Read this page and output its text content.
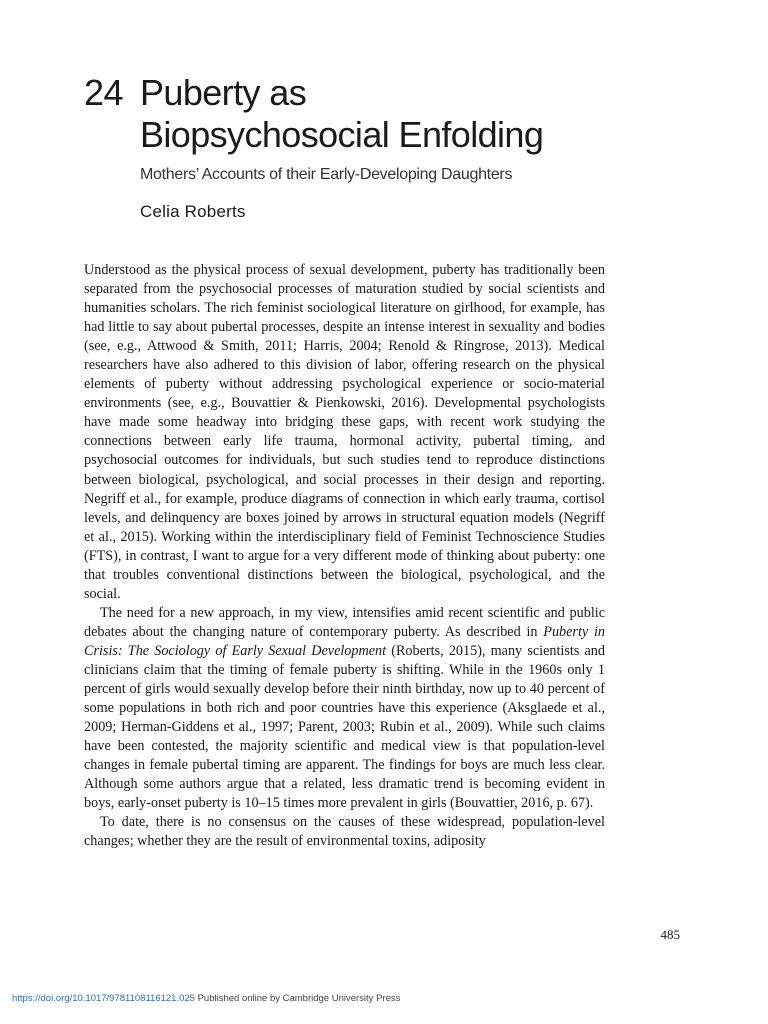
24 Puberty as Biopsychosocial Enfolding
Mothers’ Accounts of their Early-Developing Daughters
Celia Roberts

Understood as the physical process of sexual development, puberty has traditionally been separated from the psychosocial processes of maturation studied by social scientists and humanities scholars. The rich feminist sociological literature on girlhood, for example, has had little to say about pubertal processes, despite an intense interest in sexuality and bodies (see, e.g., Attwood & Smith, 2011; Harris, 2004; Renold & Ringrose, 2013). Medical researchers have also adhered to this division of labor, offering research on the physical elements of puberty without addressing psychological experience or socio-material environments (see, e.g., Bouvattier & Pienkowski, 2016). Developmental psychologists have made some headway into bridging these gaps, with recent work studying the connections between early life trauma, hormonal activity, pubertal timing, and psychosocial outcomes for individuals, but such studies tend to reproduce distinctions between biological, psychological, and social processes in their design and reporting. Negriff et al., for example, produce diagrams of connection in which early trauma, cortisol levels, and delinquency are boxes joined by arrows in structural equation models (Negriff et al., 2015). Working within the interdisciplinary field of Feminist Technoscience Studies (FTS), in contrast, I want to argue for a very different mode of thinking about puberty: one that troubles conventional distinctions between the biological, psychological, and the social.

The need for a new approach, in my view, intensifies amid recent scientific and public debates about the changing nature of contemporary puberty. As described in Puberty in Crisis: The Sociology of Early Sexual Development (Roberts, 2015), many scientists and clinicians claim that the timing of female puberty is shifting. While in the 1960s only 1 percent of girls would sexually develop before their ninth birthday, now up to 40 percent of some populations in both rich and poor countries have this experience (Aksglaede et al., 2009; Herman-Giddens et al., 1997; Parent, 2003; Rubin et al., 2009). While such claims have been contested, the majority scientific and medical view is that population-level changes in female pubertal timing are apparent. The findings for boys are much less clear. Although some authors argue that a related, less dramatic trend is becoming evident in boys, early-onset puberty is 10–15 times more prevalent in girls (Bouvattier, 2016, p. 67).

To date, there is no consensus on the causes of these widespread, population-level changes; whether they are the result of environmental toxins, adiposity

485
https://doi.org/10.1017/9781108116121.025 Published online by Cambridge University Press
